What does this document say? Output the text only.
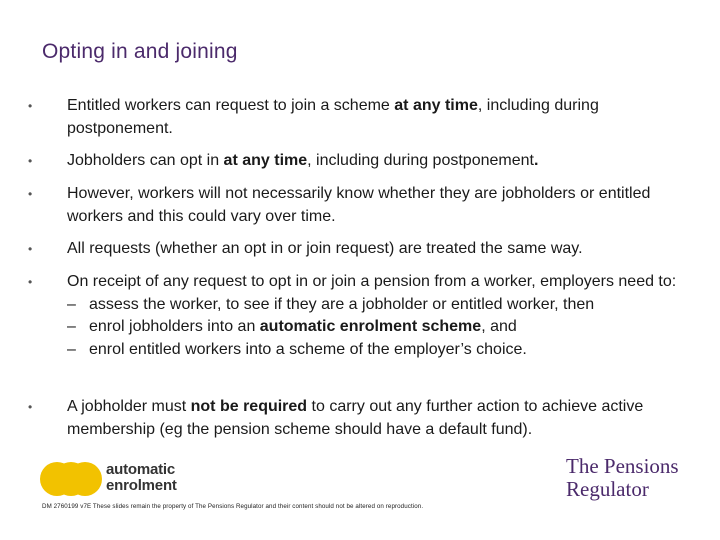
Opting in and joining
• Entitled workers can request to join a scheme at any time, including during postponement.
• Jobholders can opt in at any time, including during postponement.
• However, workers will not necessarily know whether they are jobholders or entitled workers and this could vary over time.
• All requests (whether an opt in or join request) are treated the same way.
• On receipt of any request to opt in or join a pension from a worker, employers need to:
– assess the worker, to see if they are a jobholder or entitled worker, then
– enrol jobholders into an automatic enrolment scheme, and
– enrol entitled workers into a scheme of the employer’s choice.
• A jobholder must not be required to carry out any further action to achieve active membership (eg the pension scheme should have a default fund).
automatic
enrolment
The Pensions
Regulator
DM 2760199 v7E These slides remain the property of The Pensions Regulator and their content should not be altered on reproduction.
